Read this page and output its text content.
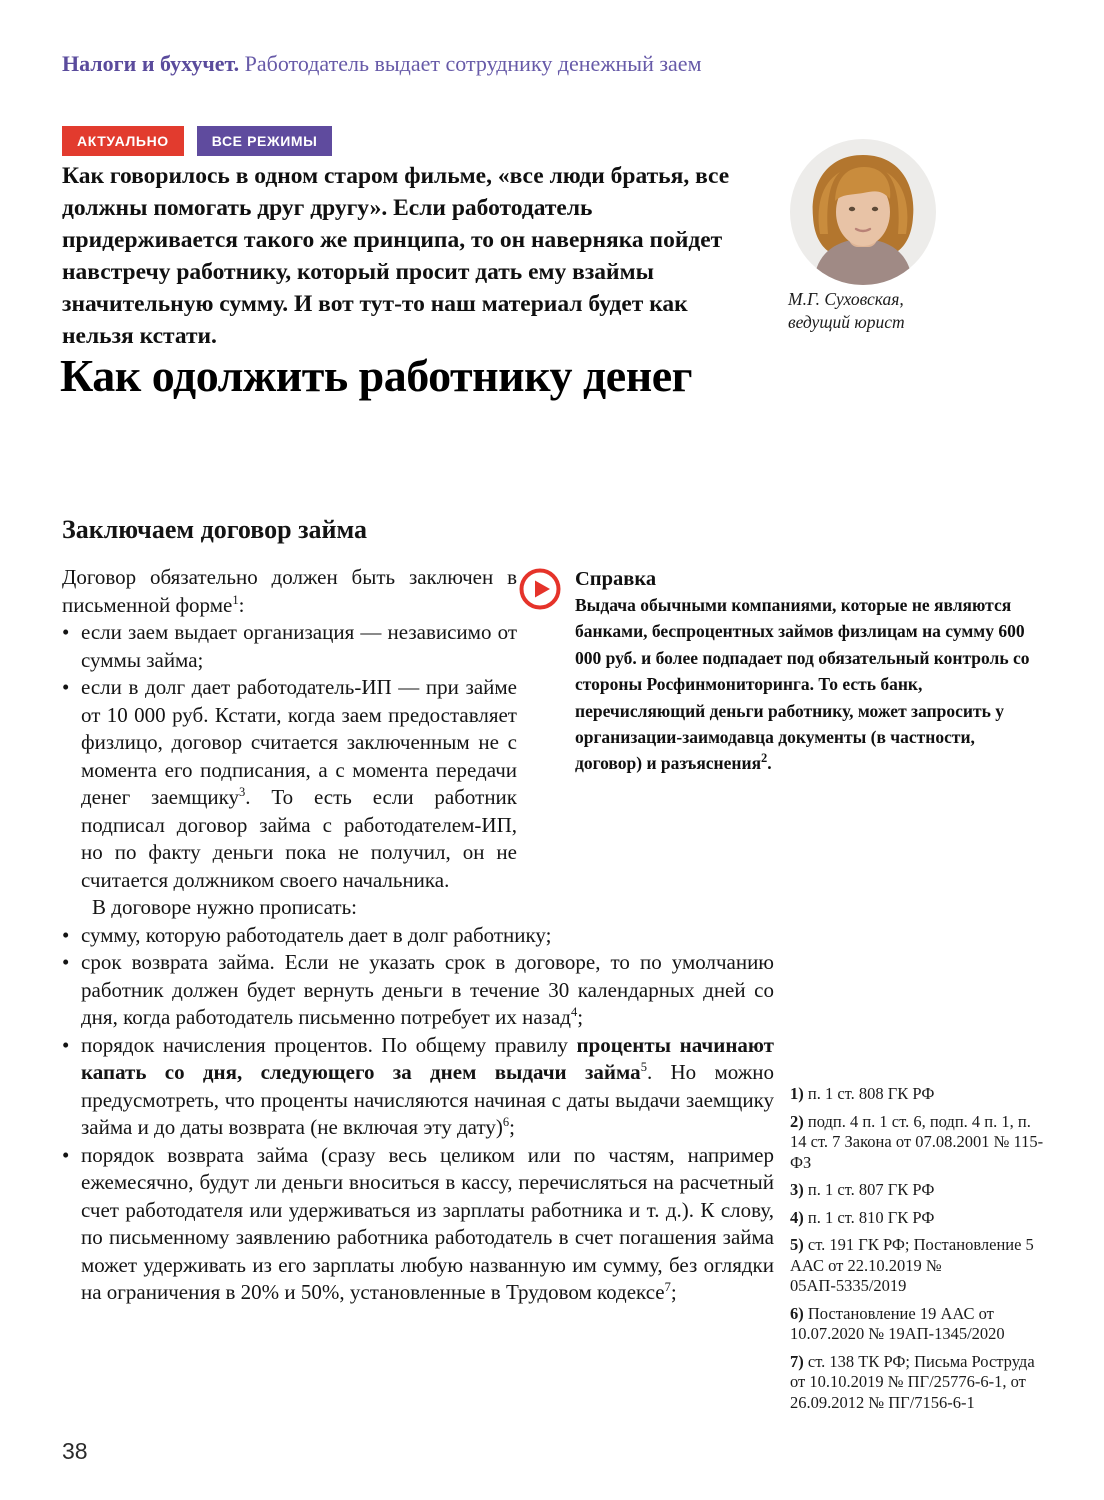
Налоги и бухучет. Работодатель выдает сотруднику денежный заем
АКТУАЛЬНО	ВСЕ РЕЖИМЫ
Как говорилось в одном старом фильме, «все люди братья, все должны помогать друг другу». Если работодатель придерживается такого же принципа, то он наверняка пойдет навстречу работнику, который просит дать ему взаймы значительную сумму. И вот тут-то наш материал будет как нельзя кстати.
М.Г. Суховская,
ведущий юрист
Как одолжить работнику денег
Заключаем договор займа

Справка

Выдача обычными компаниями, которые не являются банками, беспроцентных займов физлицам на сумму 600 000 руб. и более подпадает под обязательный контроль со стороны Росфинмониторинга. То есть банк, перечисляющий деньги работнику, может запросить у организации-заимодавца документы (в частности, договор) и разъяснения$^2$.

Договор обязательно должен быть заключен в письменной форме$^1$:

• если заем выдает организация — независимо от суммы займа;
• если в долг дает работодатель-ИП — при займе от 10 000 руб. Кстати, когда заем предоставляет физлицо, договор считается заключенным не с момента его подписания, а с момента передачи денег заемщику$^3$. То есть если работник подписал договор займа с работодателем-ИП, но по факту деньги пока не получил, он не считается должником своего начальника.

В договоре нужно прописать:

• сумму, которую работодатель дает в долг работнику;
• срок возврата займа. Если не указать срок в договоре, то по умолчанию работник должен будет вернуть деньги в течение 30 календарных дней со дня, когда работодатель письменно потребует их назад$^4$;
• порядок начисления процентов. По общему правилу проценты начинают капать со дня, следующего за днем выдачи займа$^5$. Но можно предусмотреть, что проценты начисляются начиная с даты выдачи заемщику займа и до даты возврата (не включая эту дату)$^6$;
• порядок возврата займа (сразу весь целиком или по частям, например ежемесячно, будут ли деньги вноситься в кассу, перечисляться на расчетный счет работодателя или удерживаться из зарплаты работника и т. д.). К слову, по письменному заявлению работника работодатель в счет погашения займа может удерживать из его зарплаты любую названную им сумму, без оглядки на ограничения в 20% и 50%, установленные в Трудовом кодексе$^7$;

1) п. 1 ст. 808 ГК РФ

2) подп. 4 п. 1 ст. 6, подп. 4 п. 1, п. 14 ст. 7 Закона от 07.08.2001 № 115-ФЗ

3) п. 1 ст. 807 ГК РФ

4) п. 1 ст. 810 ГК РФ

5) ст. 191 ГК РФ; Постановление 5 ААС от 22.10.2019 № 05АП-5335/2019

6) Постановление 19 ААС от 10.07.2020 № 19АП-1345/2020

7) ст. 138 ТК РФ; Письма Роструда от 10.10.2019 № ПГ/25776-6-1, от 26.09.2012 № ПГ/7156-6-1

38
